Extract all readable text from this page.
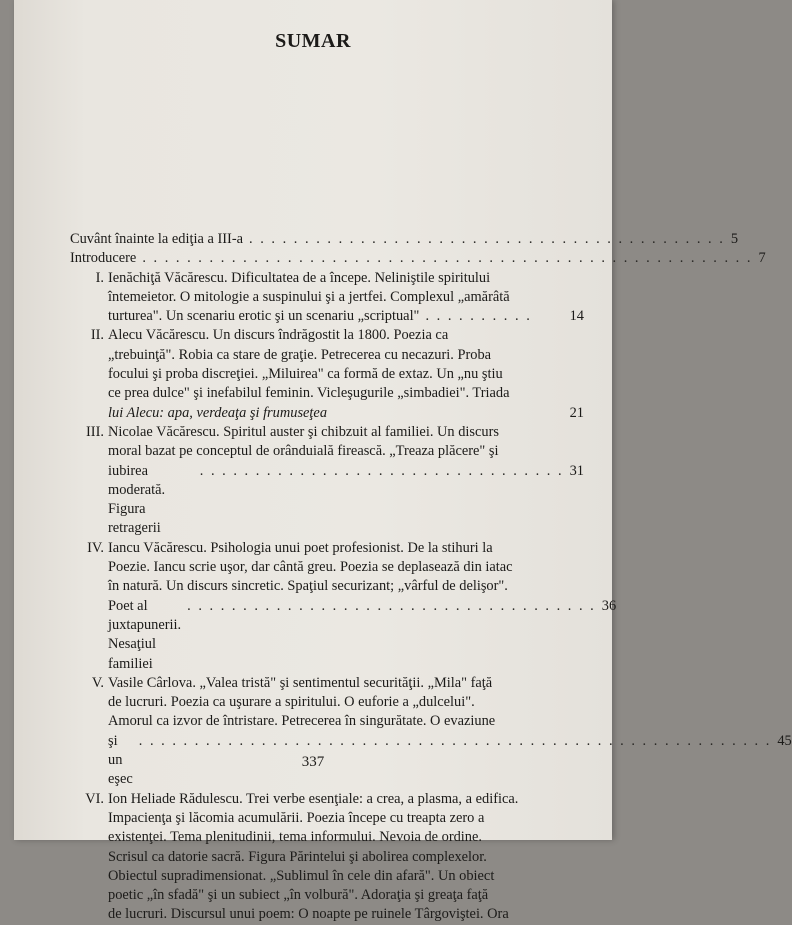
SUMAR
Cuvânt înainte la ediţia a III-a . . . . . . . . . . . . . . . . . . . . . . . . . . . . . . . . . . . . . . . . . . . 5
Introducere . . . . . . . . . . . . . . . . . . . . . . . . . . . . . . . . . . . . . . . . . . . . . . . . . . . . . . . 7
I. Ienăchiţă Văcărescu. Dificultatea de a începe. Neliniştile spiritului
întemeietor. O mitologie a suspinului şi a jertfei. Complexul „amărâtă
turturea". Un scenariu erotic şi un scenariu „scriptual" . . . . . . . . . .	14
II. Alecu Văcărescu. Un discurs îndrăgostit la 1800. Poezia ca
„trebuinţă". Robia ca stare de graţie. Petrecerea cu necazuri. Proba
focului şi proba discreţiei. „Miluirea" ca formă de extaz. Un „nu ştiu
ce prea dulce" şi inefabilul feminin. Vicleşugurile „simbadiei". Triada
lui Alecu: apa, verdeaţa şi frumuseţea	21
III. Nicolae Văcărescu. Spiritul auster şi chibzuit al familiei. Un discurs
moral bazat pe conceptul de orânduială firească. „Treaza plăcere" şi
iubirea moderată. Figura retragerii
. . . . . . . . . . . . . . . . . . . . . . . . . . . . . . . . . 31
IV. Iancu Văcărescu. Psihologia unui poet profesionist. De la stihuri la
Poezie. Iancu scrie uşor, dar cântă greu. Poezia se deplasează din iatac
în natură. Un discurs sincretic. Spaţiul securizant; „vârful de delişor".
Poet al juxtapunerii. Nesaţiul familiei
. . . . . . . . . . . . . . . . . . . . . . . . . . . . . . . . . . . . . 36
V. Vasile Cârlova. „Valea tristă" şi sentimentul securităţii. „Mila" faţă
de lucruri. Poezia ca uşurare a spiritului. O euforie a „dulcelui".
Amorul ca izvor de întristare. Petrecerea în singurătate. O evaziune
şi un eşec
. . . . . . . . . . . . . . . . . . . . . . . . . . . . . . . . . . . . . . . . . . . . . . . . . . . . . . . . . 45
VI. Ion Heliade Rădulescu. Trei verbe esenţiale: a crea, a plasma, a edifica.
Impacienţa şi lăcomia acumulării. Poezia începe cu treapta zero a
existenţei. Tema plenitudinii, tema informului. Nevoia de ordine.
Scrisul ca datorie sacră. Figura Părintelui şi abolirea complexelor.
Obiectul supradimensionat. „Sublimul în cele din afară". Un obiect
poetic „în sfadă" şi un subiect „în volbură". Adoraţia şi greaţa faţă
de lucruri. Discursul unui poem: O noapte pe ruinele Târgoviştei. Ora
337
